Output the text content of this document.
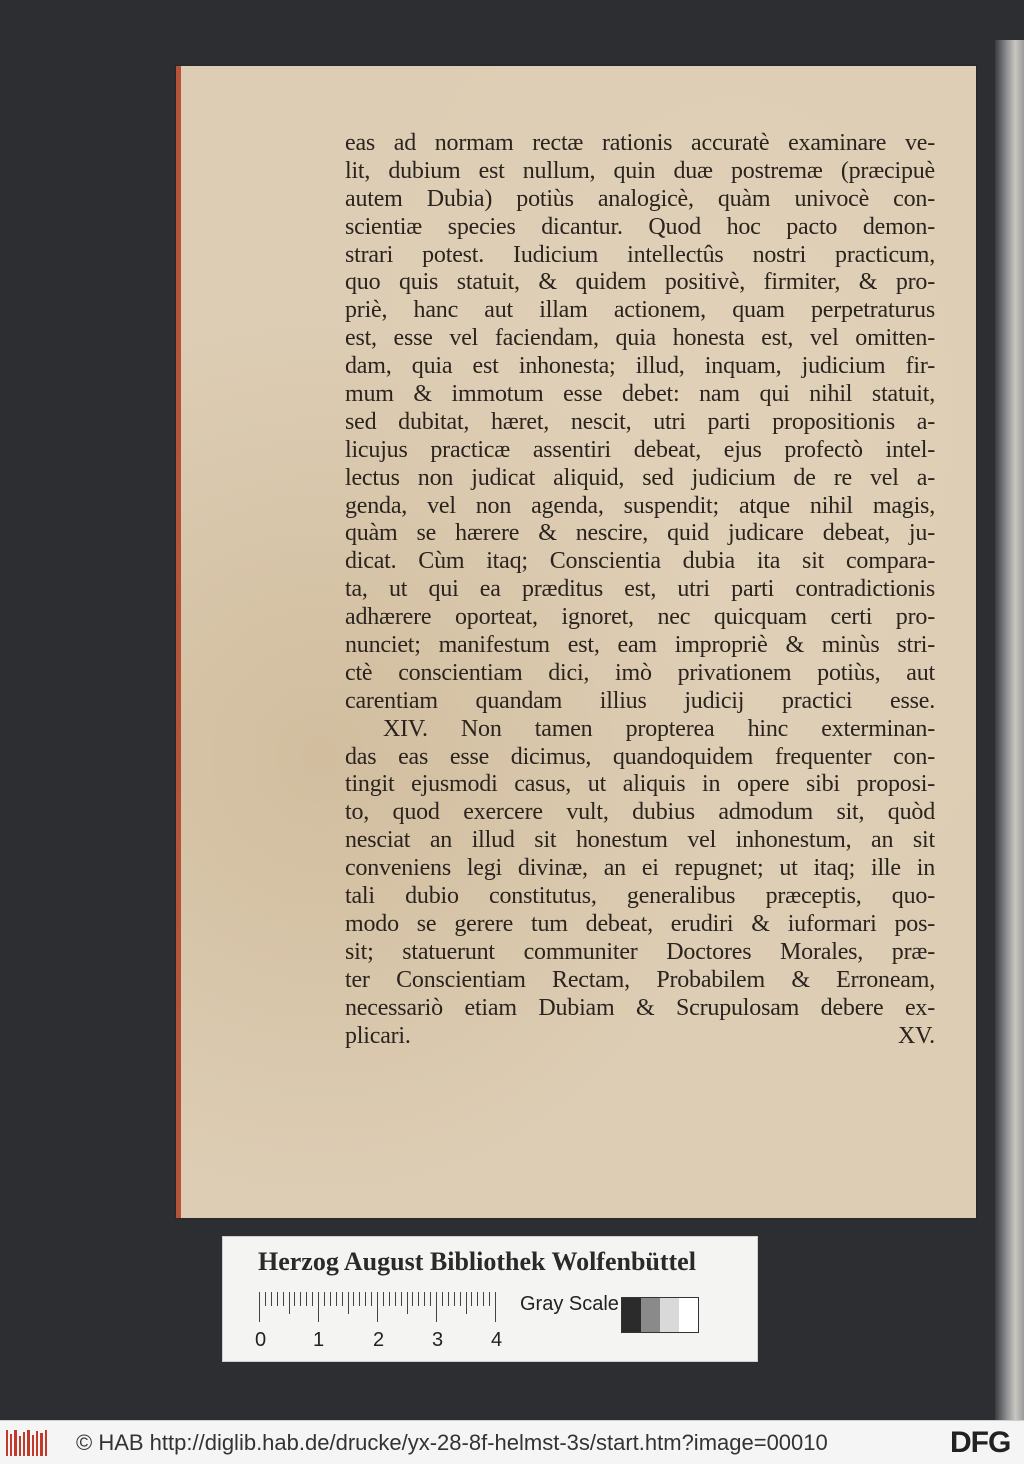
eas ad normam rectæ rationis accuratè examinare ve-
lit, dubium est nullum, quin duæ postremæ (præcipuè
autem Dubia) potiùs analogicè, quàm univocè con-
scientiæ species dicantur. Quod hoc pacto demon-
strari potest. Iudicium intellectûs nostri practicum,
quo quis statuit, & quidem positivè, firmiter, & pro-
priè, hanc aut illam actionem, quam perpetraturus
est, esse vel faciendam, quia honesta est, vel omitten-
dam, quia est inhonesta; illud, inquam, judicium fir-
mum & immotum esse debet: nam qui nihil statuit,
sed dubitat, hæret, nescit, utri parti propositionis a-
licujus practicæ assentiri debeat, ejus profectò intel-
lectus non judicat aliquid, sed judicium de re vel a-
genda, vel non agenda, suspendit; atque nihil magis,
quàm se hærere & nescire, quid judicare debeat, ju-
dicat. Cùm itaq; Conscientia dubia ita sit compara-
ta, ut qui ea præditus est, utri parti contradictionis
adhærere oporteat, ignoret, nec quicquam certi pro-
nunciet; manifestum est, eam impropriè & minùs stri-
ctè conscientiam dici, imò privationem potiùs, aut
carentiam quandam illius judicij practici esse.
XIV. Non tamen propterea hinc exterminan-
das eas esse dicimus, quandoquidem frequenter con-
tingit ejusmodi casus, ut aliquis in opere sibi proposi-
to, quod exercere vult, dubius admodum sit, quòd
nesciat an illud sit honestum vel inhonestum, an sit
conveniens legi divinæ, an ei repugnet; ut itaq; ille in
tali dubio constitutus, generalibus præceptis, quo-
modo se gerere tum debeat, erudiri & iuformari pos-
sit; statuerunt communiter Doctores Morales, præ-
ter Conscientiam Rectam, Probabilem & Erroneam,
necessariò etiam Dubiam & Scrupulosam debere ex-
plicari.	XV.
Herzog August Bibliothek Wolfenbüttel
0 1 2 3 4
Gray Scale
© HAB http://diglib.hab.de/drucke/yx-28-8f-helmst-3s/start.htm?image=00010	DFG
